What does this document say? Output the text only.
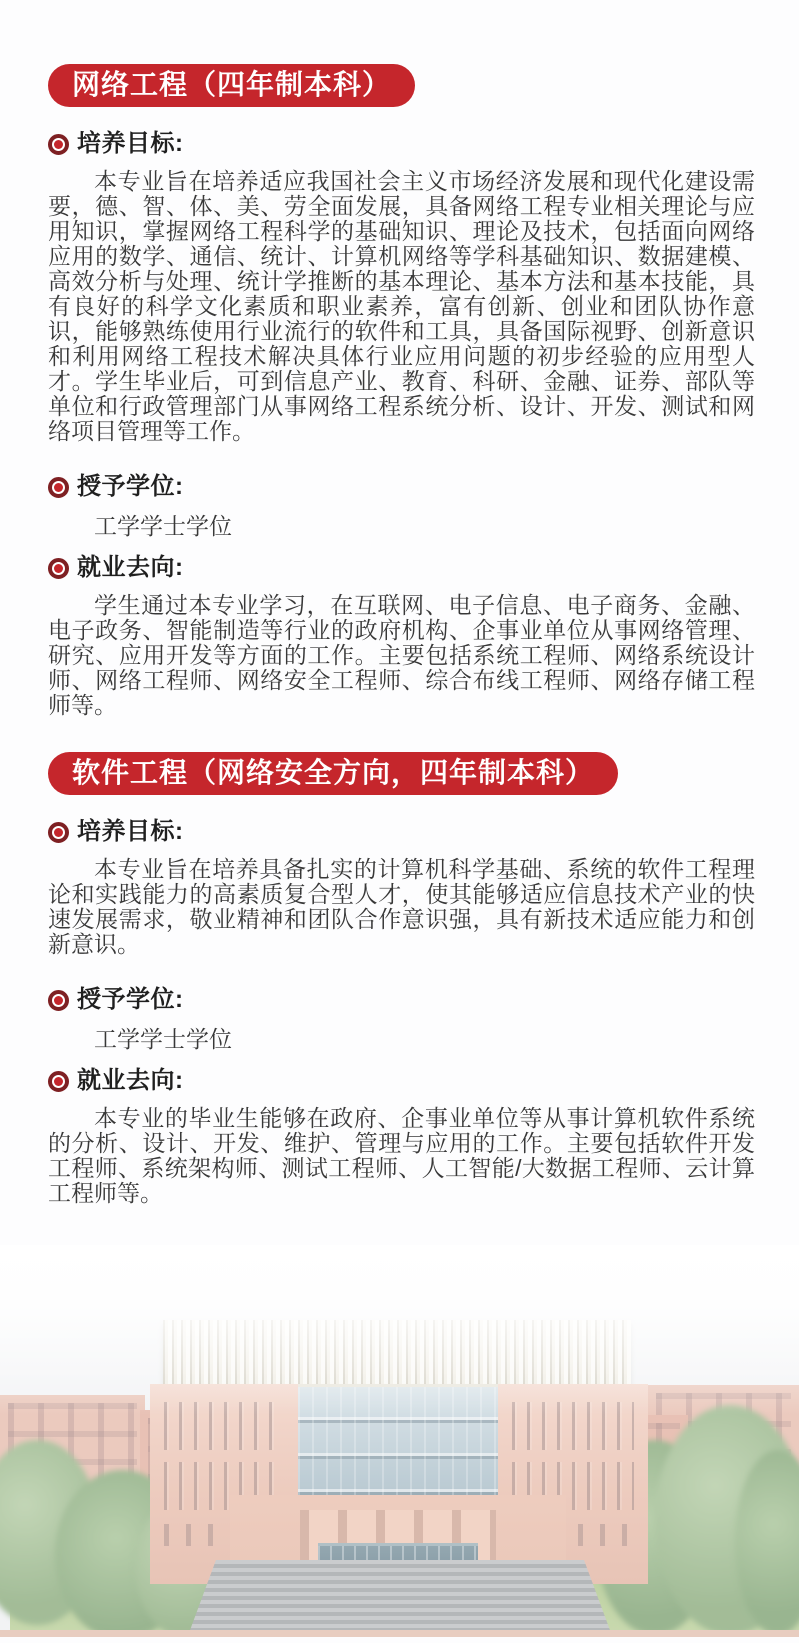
网络工程（四年制本科）
培养目标:

本专业旨在培养适应我国社会主义市场经济发展和现代化建设需要，德、智、体、美、劳全面发展，具备网络工程专业相关理论与应用知识，掌握网络工程科学的基础知识、理论及技术，包括面向网络应用的数学、通信、统计、计算机网络等学科基础知识、数据建模、高效分析与处理、统计学推断的基本理论、基本方法和基本技能，具有良好的科学文化素质和职业素养，富有创新、创业和团队协作意识，能够熟练使用行业流行的软件和工具，具备国际视野、创新意识和利用网络工程技术解决具体行业应用问题的初步经验的应用型人才。学生毕业后，可到信息产业、教育、科研、金融、证券、部队等单位和行政管理部门从事网络工程系统分析、设计、开发、测试和网络项目管理等工作。

授予学位:

工学学士学位

就业去向:

学生通过本专业学习，在互联网、电子信息、电子商务、金融、电子政务、智能制造等行业的政府机构、企事业单位从事网络管理、研究、应用开发等方面的工作。主要包括系统工程师、网络系统设计师、网络工程师、网络安全工程师、综合布线工程师、网络存储工程师等。

软件工程（网络安全方向，四年制本科）
培养目标:

本专业旨在培养具备扎实的计算机科学基础、系统的软件工程理论和实践能力的高素质复合型人才，使其能够适应信息技术产业的快速发展需求，敬业精神和团队合作意识强，具有新技术适应能力和创新意识。

授予学位:

工学学士学位

就业去向:

本专业的毕业生能够在政府、企事业单位等从事计算机软件系统的分析、设计、开发、维护、管理与应用的工作。主要包括软件开发工程师、系统架构师、测试工程师、人工智能/大数据工程师、云计算工程师等。
